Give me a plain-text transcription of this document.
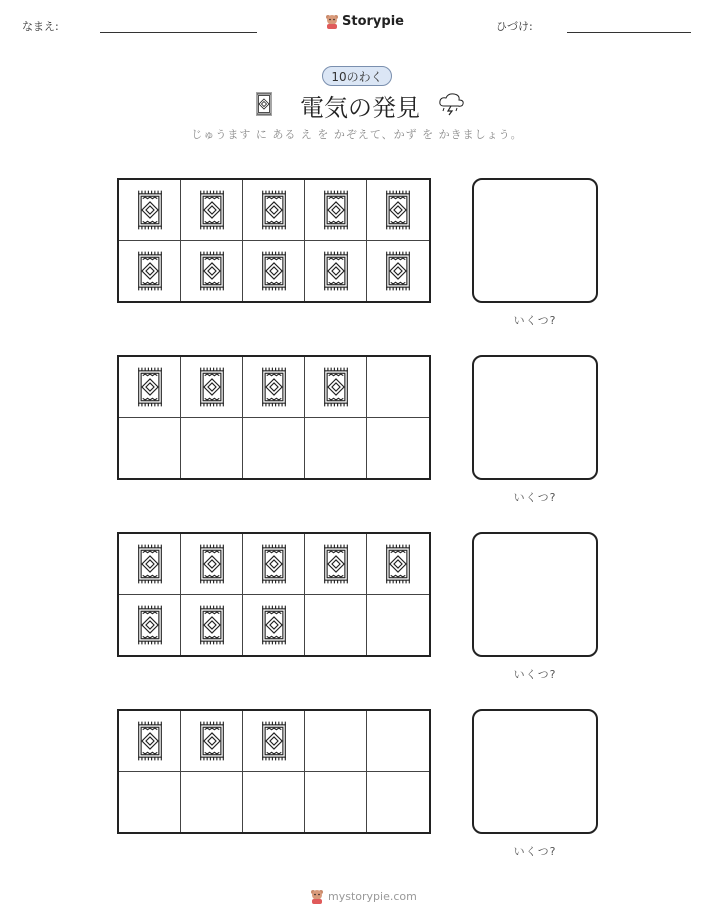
なまえ:	Storypie	ひづけ:
10のわく
電気の発見
じゅうます に ある え を かぞえて、かず を かきましょう。
いくつ?
いくつ?
いくつ?
いくつ?
mystorypie.com
